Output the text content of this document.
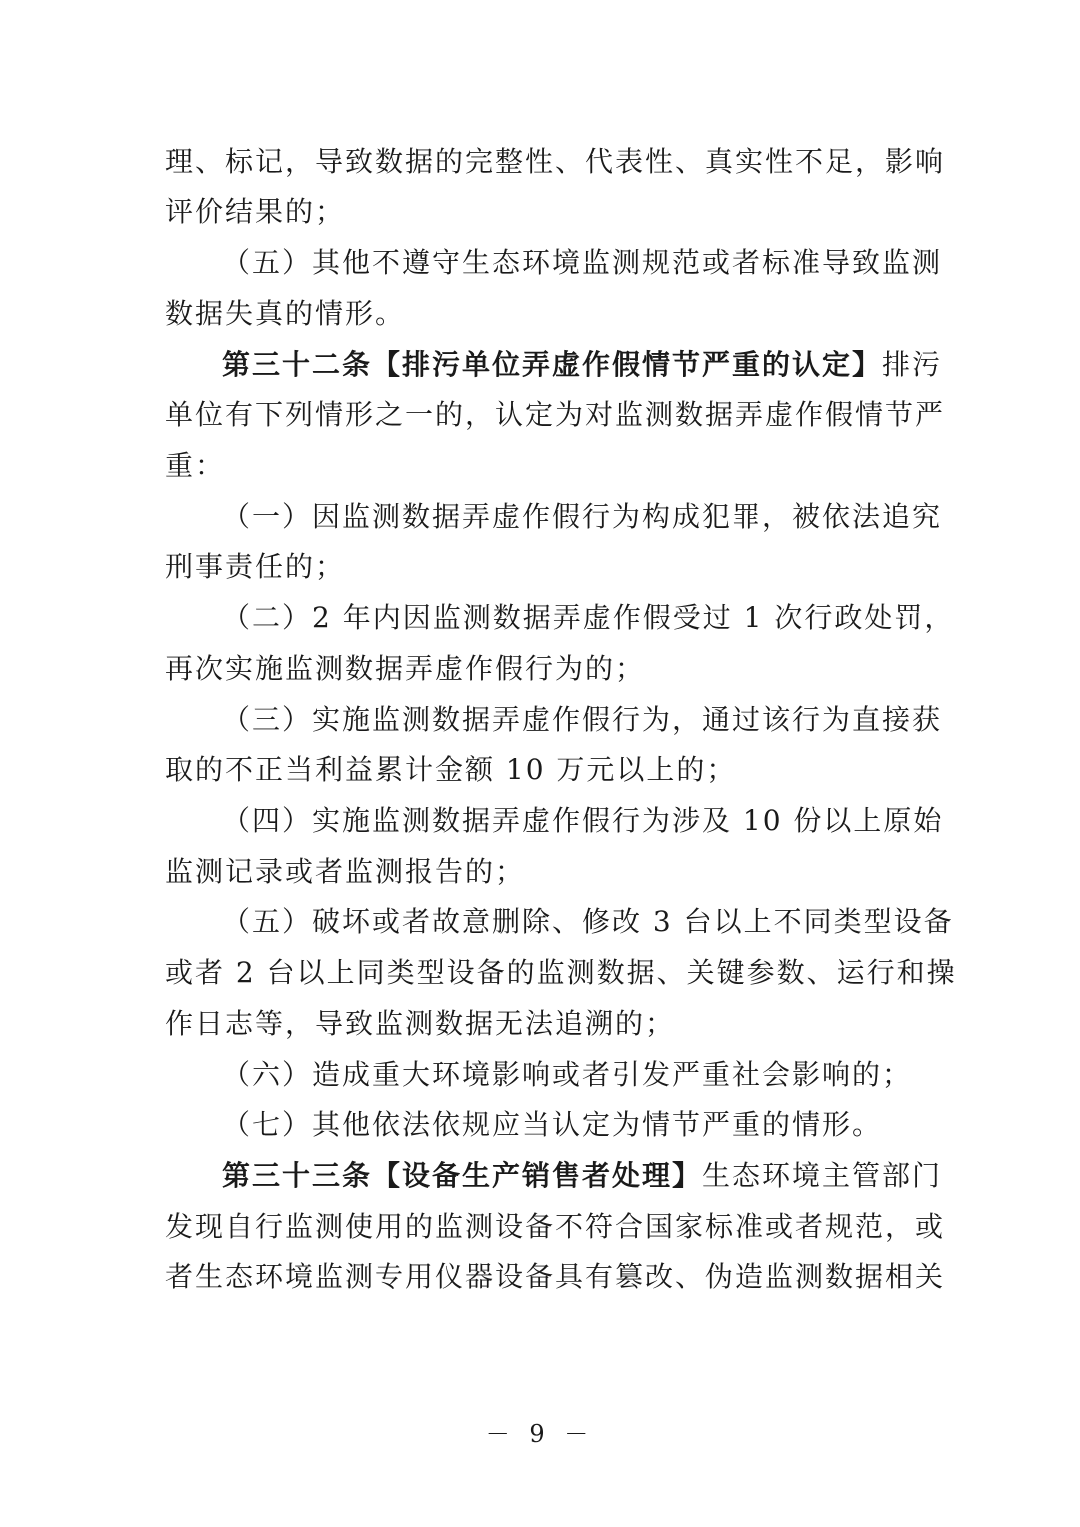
理、标记，导致数据的完整性、代表性、真实性不足，影响
评价结果的；
（五）其他不遵守生态环境监测规范或者标准导致监测
数据失真的情形。
第三十二条【排污单位弄虚作假情节严重的认定】排污
单位有下列情形之一的，认定为对监测数据弄虚作假情节严
重：
（一）因监测数据弄虚作假行为构成犯罪，被依法追究
刑事责任的；
（二）2 年内因监测数据弄虚作假受过 1 次行政处罚，
再次实施监测数据弄虚作假行为的；
（三）实施监测数据弄虚作假行为，通过该行为直接获
取的不正当利益累计金额 10 万元以上的；
（四）实施监测数据弄虚作假行为涉及 10 份以上原始
监测记录或者监测报告的；
（五）破坏或者故意删除、修改 3 台以上不同类型设备
或者 2 台以上同类型设备的监测数据、关键参数、运行和操
作日志等，导致监测数据无法追溯的；
（六）造成重大环境影响或者引发严重社会影响的；
（七）其他依法依规应当认定为情节严重的情形。
第三十三条【设备生产销售者处理】生态环境主管部门
发现自行监测使用的监测设备不符合国家标准或者规范，或
者生态环境监测专用仪器设备具有篡改、伪造监测数据相关
－ 9 －
